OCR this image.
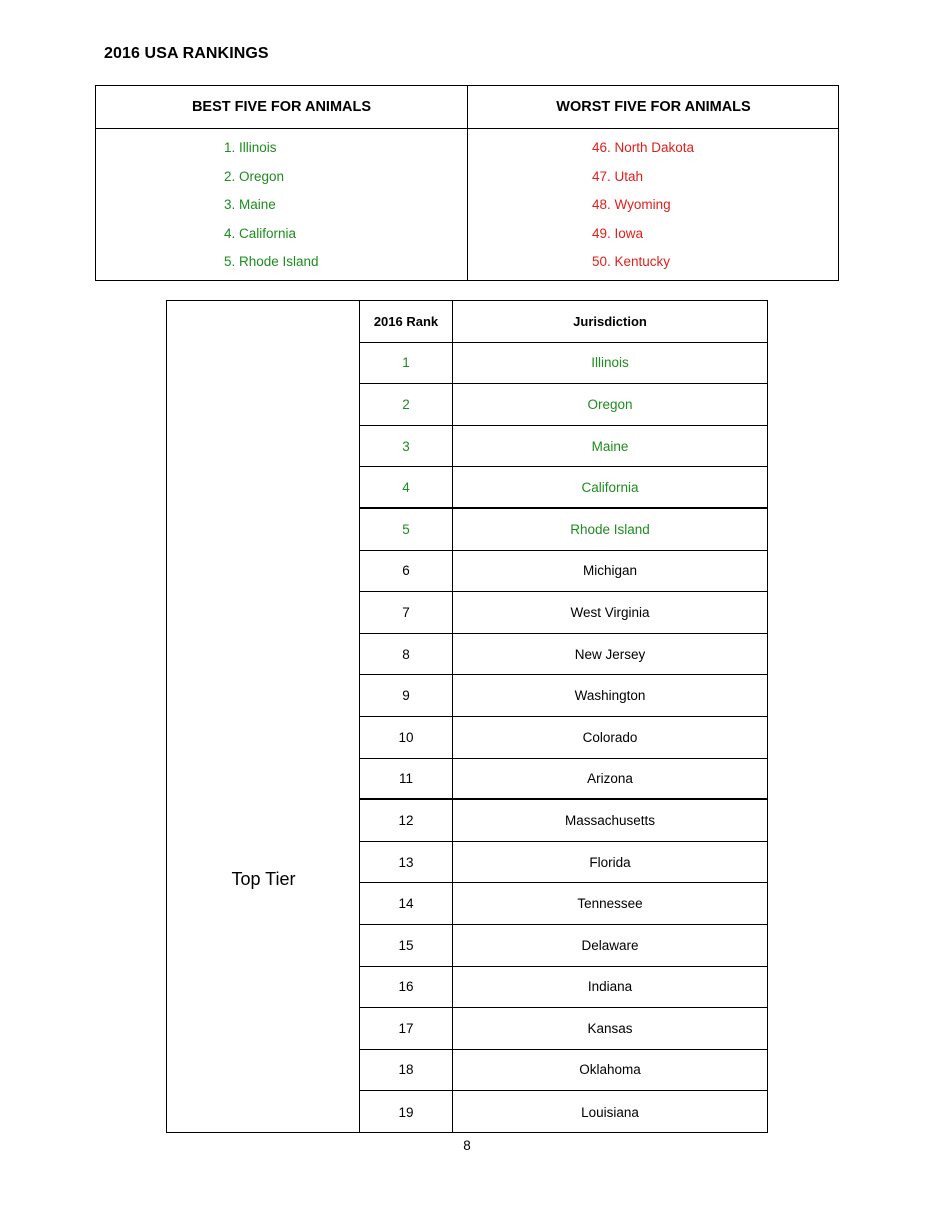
2016 USA RANKINGS
BEST FIVE FOR ANIMALS	WORST FIVE FOR ANIMALS
1. Illinois
2. Oregon
3. Maine
4. California
5. Rhode Island
46. North Dakota
47. Utah
48. Wyoming
49. Iowa
50. Kentucky
Top Tier
2016 Rank	Jurisdiction
1	Illinois
2	Oregon
3	Maine
4	California
5	Rhode Island
6	Michigan
7	West Virginia
8	New Jersey
9	Washington
10	Colorado
11	Arizona
12	Massachusetts
13	Florida
14	Tennessee
15	Delaware
16	Indiana
17	Kansas
18	Oklahoma
19	Louisiana
8
